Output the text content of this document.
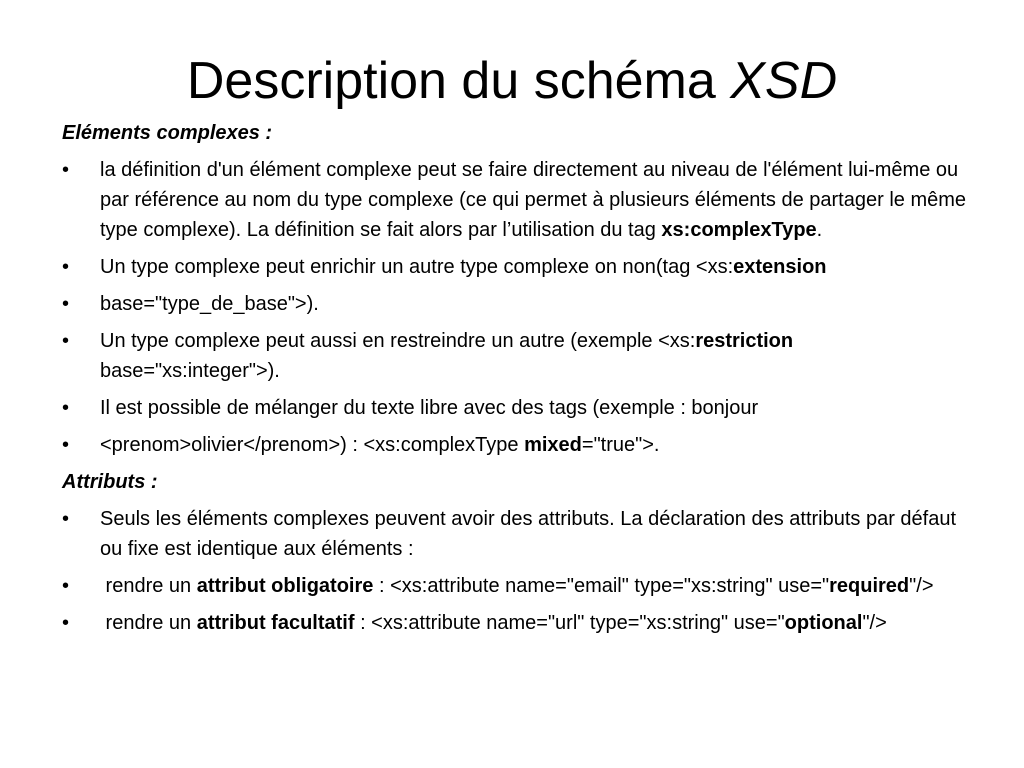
Description du schéma XSD
Eléments complexes :
•	la définition d'un élément complexe peut se faire directement au niveau de l'élément lui-même ou par référence au nom du type complexe (ce qui permet à plusieurs éléments de partager le même type complexe). La définition se fait alors par l’utilisation du tag xs:complexType.
•	Un type complexe peut enrichir un autre type complexe on non(tag <xs:extension
•	base="type_de_base">).
•	Un type complexe peut aussi en restreindre un autre (exemple <xs:restriction base="xs:integer">).
•	Il est possible de mélanger du texte libre avec des tags (exemple : bonjour
•	<prenom>olivier</prenom>) : <xs:complexType mixed="true">.
Attributs :
•	Seuls les éléments complexes peuvent avoir des attributs. La déclaration des attributs par défaut ou fixe est identique aux éléments :
•	rendre un attribut obligatoire : <xs:attribute name="email" type="xs:string" use="required"/>
•	rendre un attribut facultatif : <xs:attribute name="url" type="xs:string" use="optional"/>
